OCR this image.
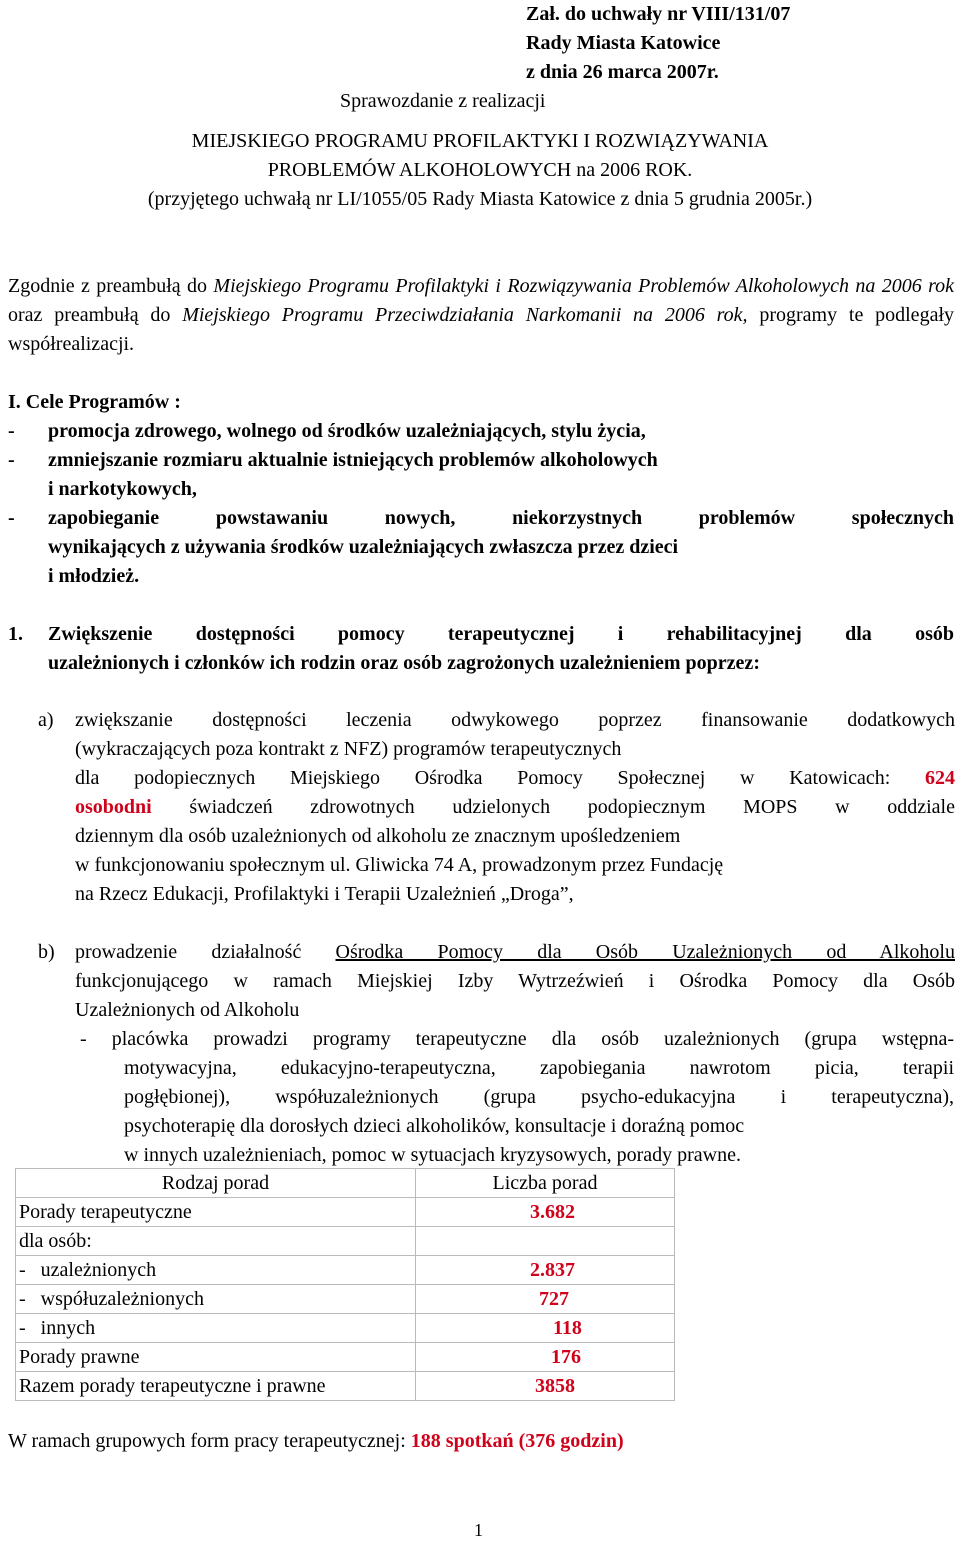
Zał. do uchwały nr VIII/131/07
Rady Miasta Katowice
z dnia 26 marca 2007r.
Sprawozdanie z realizacji
MIEJSKIEGO PROGRAMU PROFILAKTYKI I ROZWIĄZYWANIA
PROBLEMÓW ALKOHOLOWYCH na 2006 ROK.
(przyjętego uchwałą nr LI/1055/05 Rady Miasta Katowice z dnia 5 grudnia 2005r.)
Zgodnie z preambułą do Miejskiego Programu Profilaktyki i Rozwiązywania Problemów Alkoholowych na 2006 rok oraz preambułą do Miejskiego Programu Przeciwdziałania Narkomanii na 2006 rok, programy te podlegały współrealizacji.
I. Cele Programów :
- promocja zdrowego, wolnego od środków uzależniających, stylu życia,
- zmniejszanie rozmiaru aktualnie istniejących problemów alkoholowych
i narkotykowych,
- zapobieganie powstawaniu nowych, niekorzystnych problemów społecznych
wynikających z używania środków uzależniających zwłaszcza przez dzieci
i młodzież.
1. Zwiększenie dostępności pomocy terapeutycznej i rehabilitacyjnej dla osób
uzależnionych i członków ich rodzin oraz osób zagrożonych uzależnieniem poprzez:
a) zwiększanie dostępności leczenia odwykowego poprzez finansowanie dodatkowych
(wykraczających poza kontrakt z NFZ) programów terapeutycznych
dla podopiecznych Miejskiego Ośrodka Pomocy Społecznej w Katowicach: 624
osobodni świadczeń zdrowotnych udzielonych podopiecznym MOPS w oddziale
dziennym dla osób uzależnionych od alkoholu ze znacznym upośledzeniem
w funkcjonowaniu społecznym ul. Gliwicka 74 A, prowadzonym przez Fundację
na Rzecz Edukacji, Profilaktyki i Terapii Uzależnień „Droga”,
b) prowadzenie działalność Ośrodka Pomocy dla Osób Uzależnionych od Alkoholu
funkcjonującego w ramach Miejskiej Izby Wytrzeźwień i Ośrodka Pomocy dla Osób
Uzależnionych od Alkoholu
- placówka prowadzi programy terapeutyczne dla osób uzależnionych (grupa wstępna-
motywacyjna, edukacyjno-terapeutyczna, zapobiegania nawrotom picia, terapii
pogłębionej), współuzależnionych (grupa psycho-edukacyjna i terapeutyczna),
psychoterapię dla dorosłych dzieci alkoholików, konsultacje i doraźną pomoc
w innych uzależnieniach, pomoc w sytuacjach kryzysowych, porady prawne.
Rodzaj porad	Liczba porad
Porady terapeutyczne	3.682
dla osób:	
-   uzależnionych	2.837
-   współuzależnionych	727
-   innych	118
Porady prawne	176
Razem porady terapeutyczne i prawne	3858
W ramach grupowych form pracy terapeutycznej: 188 spotkań (376 godzin)
1
